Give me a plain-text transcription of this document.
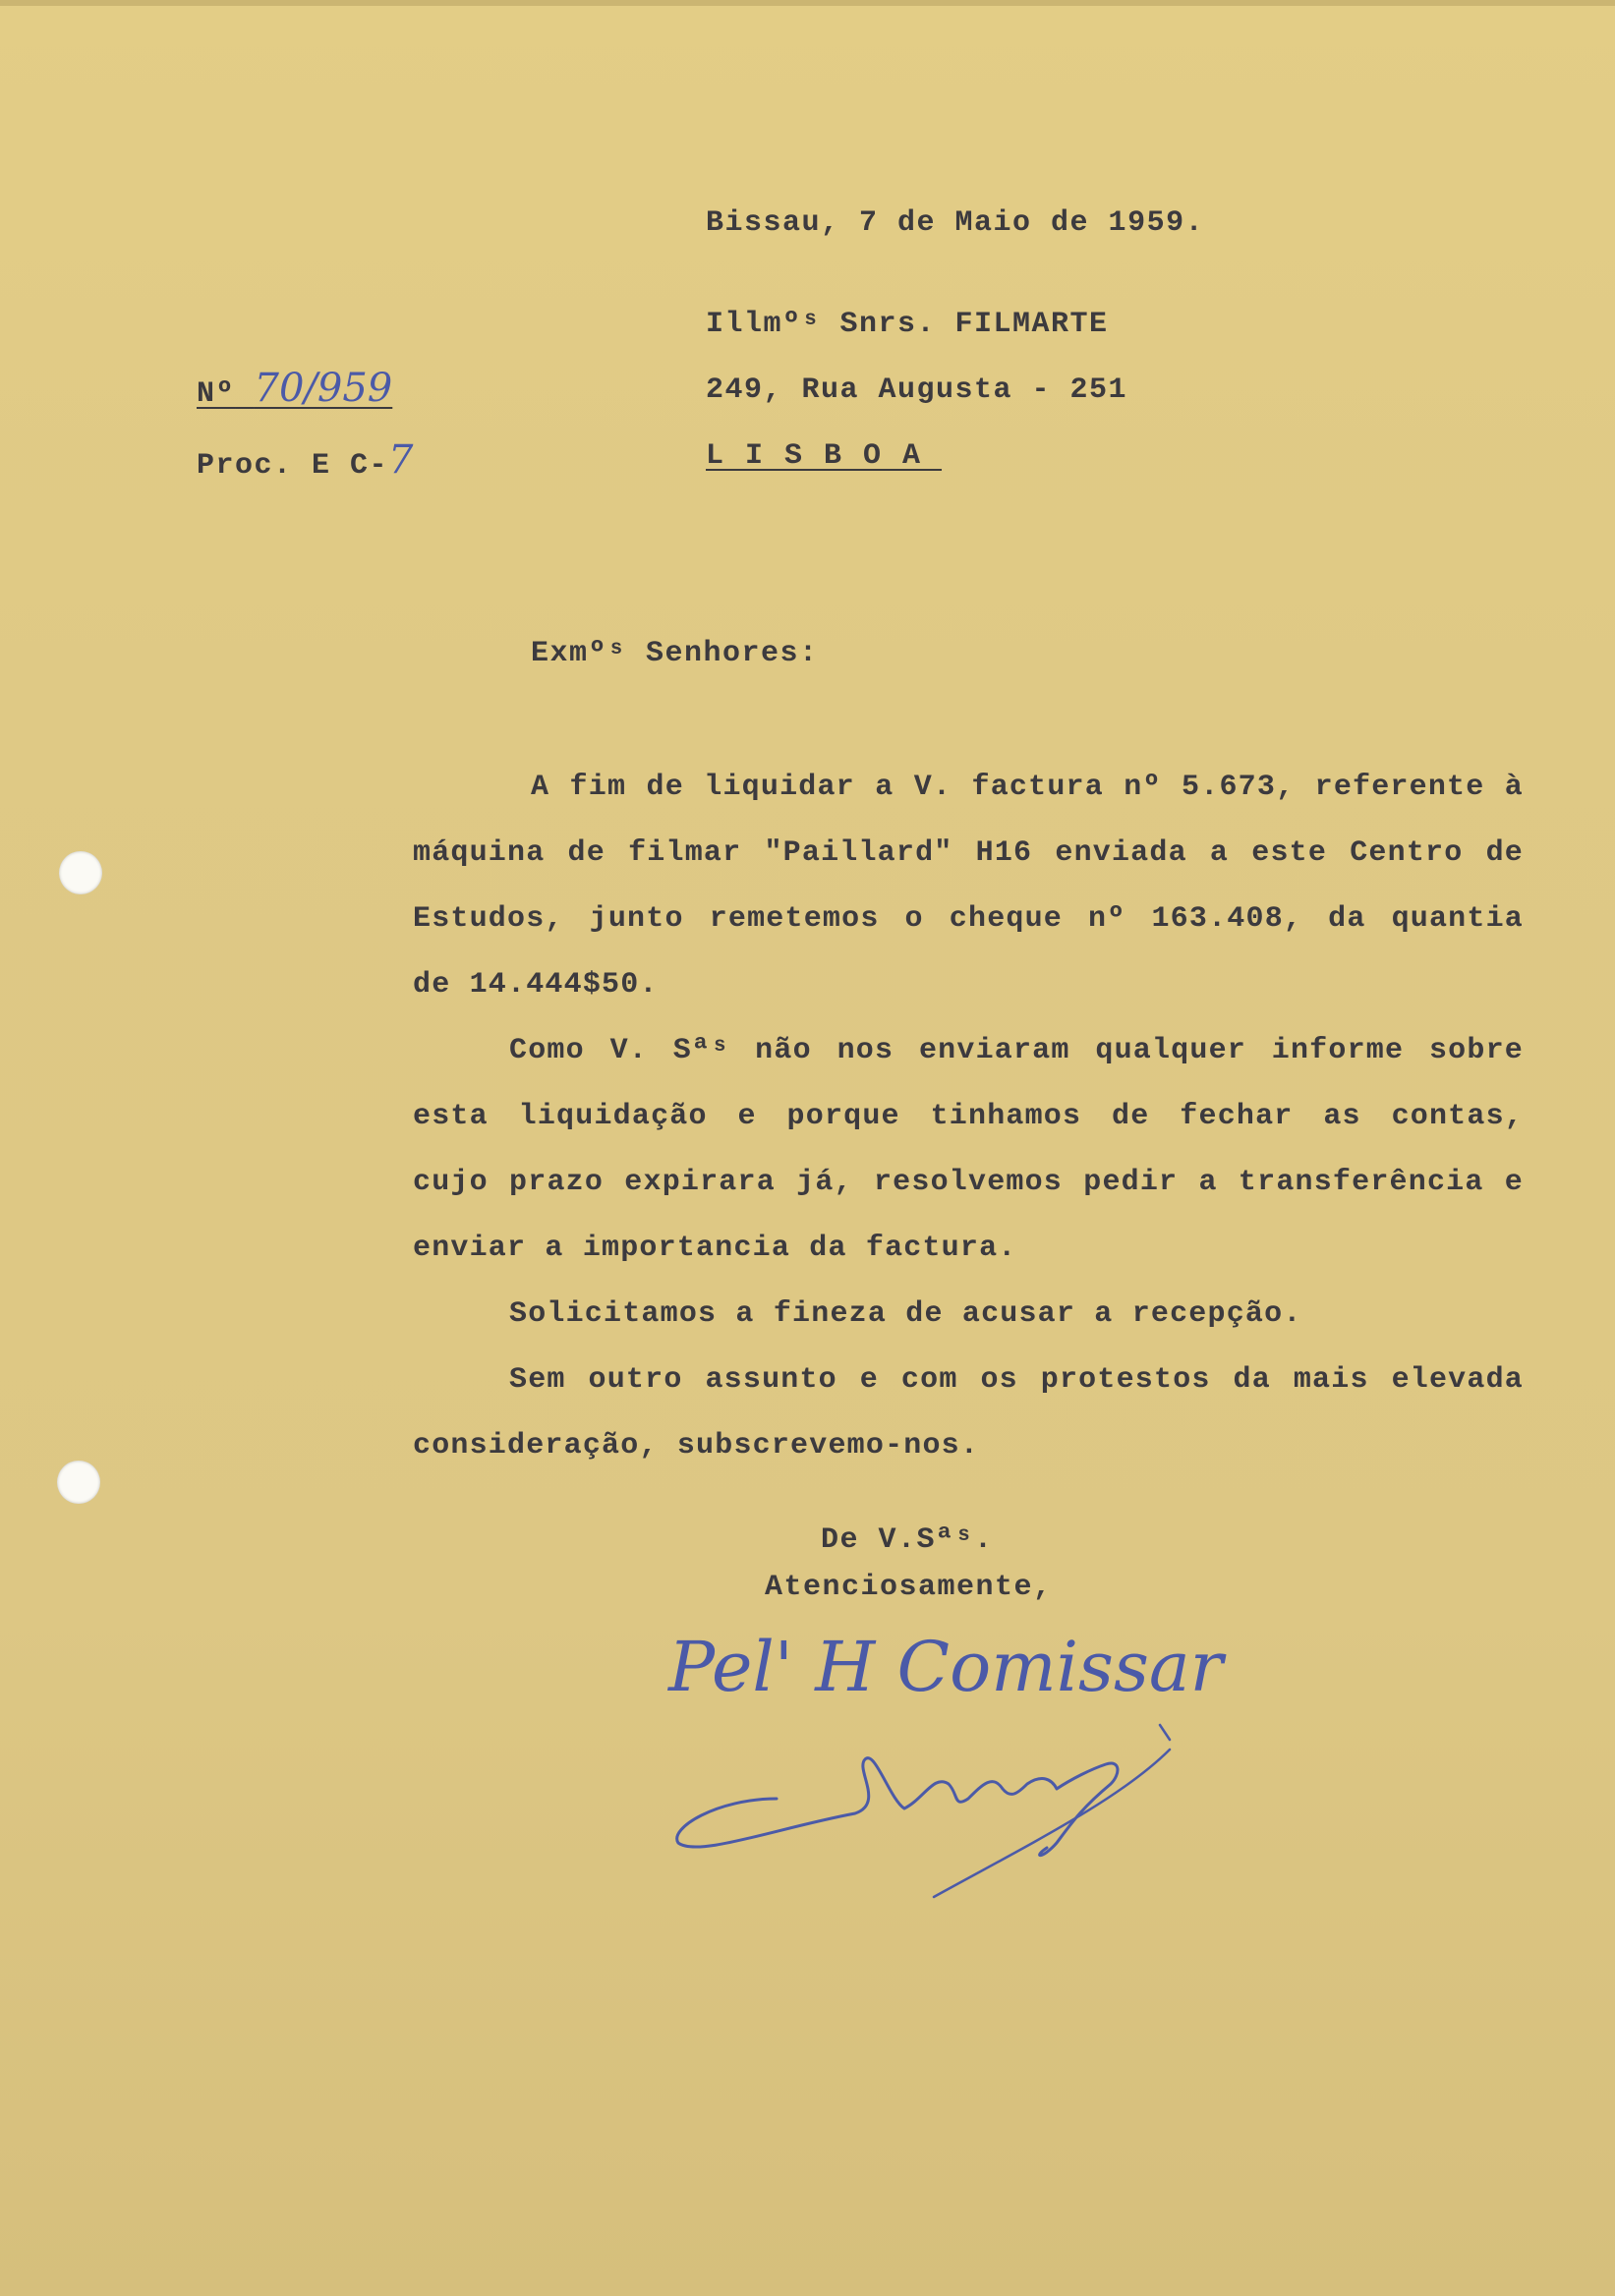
Bissau, 7 de Maio de 1959.
Illmºˢ Snrs. FILMARTE
249, Rua Augusta - 251
LISBOA
Nº 70/959
Proc. E C-7
Exmºˢ Senhores:
A fim de liquidar a V. factura nº 5.673, referente à máquina de filmar "Paillard" H16 enviada a este Centro de Estudos, junto remetemos o cheque nº 163.408, da quantia de 14.444$50.
Como V. Sªˢ não nos enviaram qualquer informe sobre esta liquidação e porque tinhamos de fechar as contas, cujo prazo expirara já, resolvemos pedir a transferência e enviar a importancia da factura.
Solicitamos a fineza de acusar a recepção.
Sem outro assunto e com os protestos da mais elevada consideração, subscrevemo-nos.
De V.Sªˢ.
Atenciosamente,
Pel' H Comissar
